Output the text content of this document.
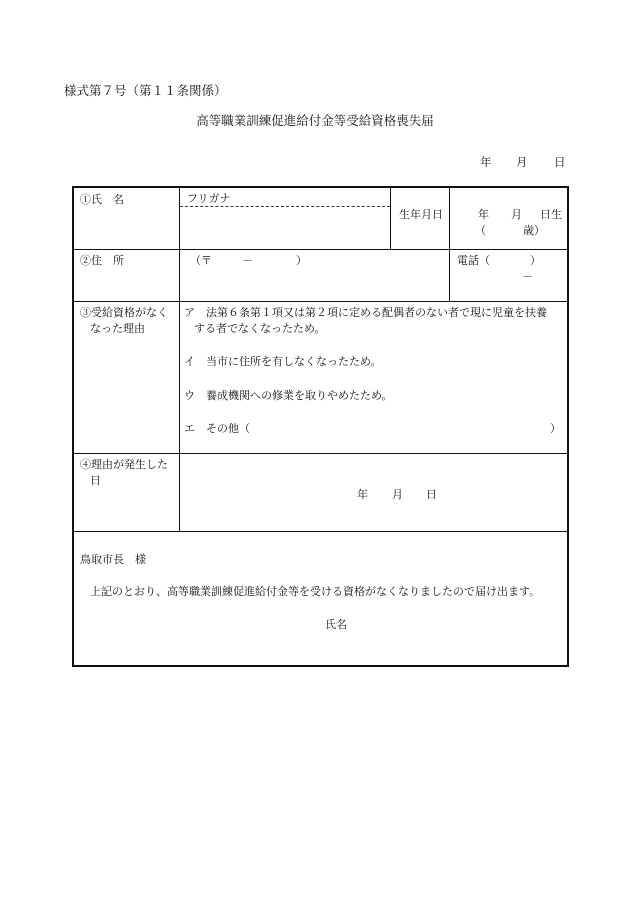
様式第７号（第１１条関係）
高等職業訓練促進給付金等受給資格喪失届
年 月 日
①氏　名	フリガナ
生年月日	年 月 日生
（	歳）
②住　所	（〒	－	）	電話（	）
－
③受給資格がなく
なった理由
ア 法第６条第１項又は第２項に定める配偶者のない者で現に児童を扶養
する者でなくなったため。
イ 当市に住所を有しなくなったため。
ウ 養成機関への修業を取りやめたため。
エ その他（	）
④理由が発生した
日
年 月 日
鳥取市長　様
上記のとおり、高等職業訓練促進給付金等を受ける資格がなくなりましたので届け出ます。
氏名
